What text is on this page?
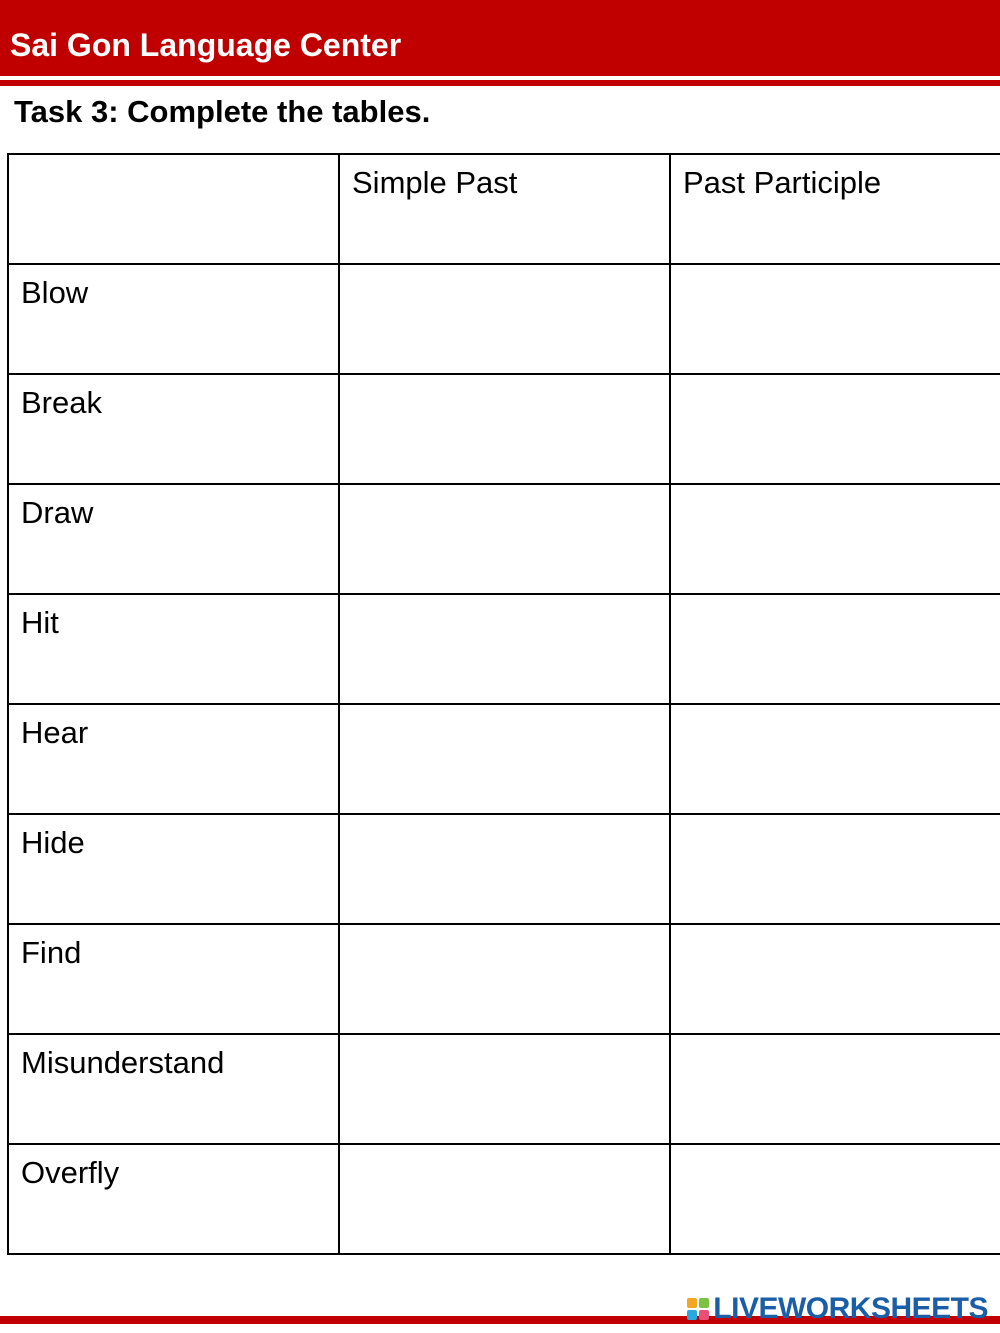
Sai Gon Language Center
Task 3: Complete the tables.
	Simple Past	Past Participle
Blow		
Break		
Draw		
Hit		
Hear		
Hide		
Find		
Misunderstand		
Overfly		
LIVEWORKSHEETS
